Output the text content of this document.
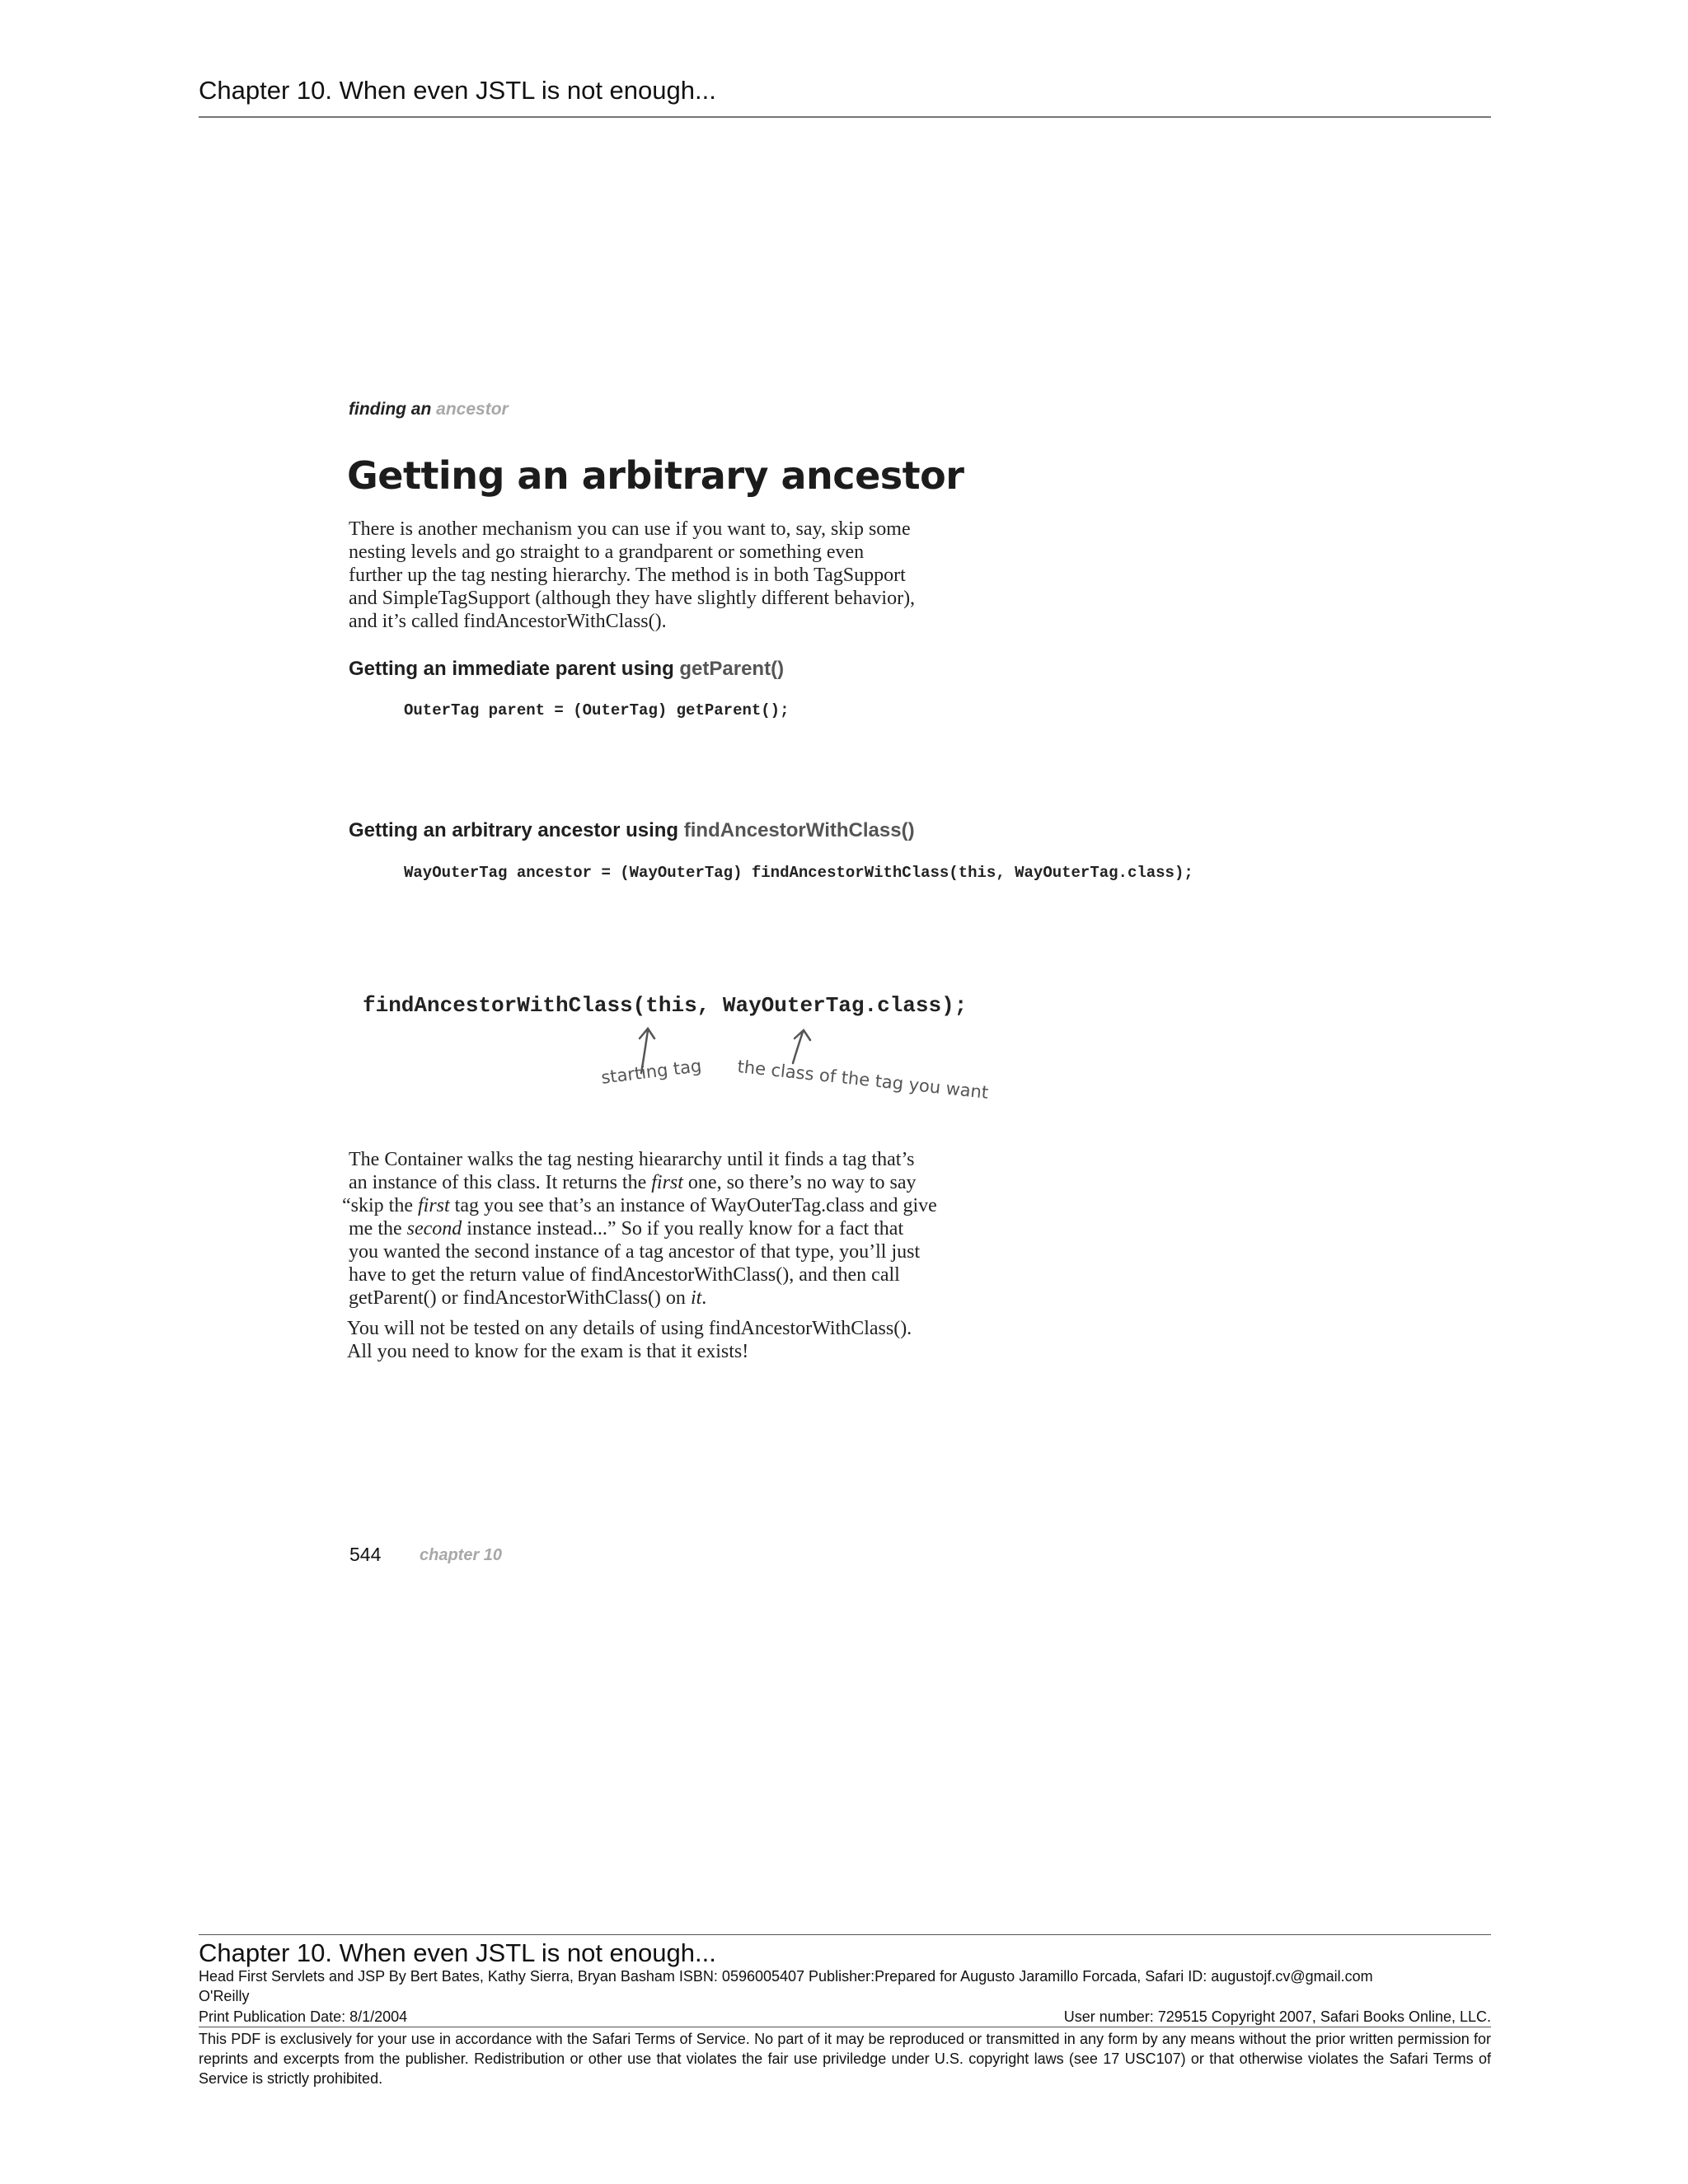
Chapter 10. When even JSTL is not enough...
finding an ancestor
Getting an arbitrary ancestor
There is another mechanism you can use if you want to, say, skip some
nesting levels and go straight to a grandparent or something even
further up the tag nesting hierarchy. The method is in both TagSupport
and SimpleTagSupport (although they have slightly different behavior),
and it’s called findAncestorWithClass().
Getting an immediate parent using getParent()
OuterTag parent = (OuterTag) getParent();
Getting an arbitrary ancestor using findAncestorWithClass()
WayOuterTag ancestor = (WayOuterTag) findAncestorWithClass(this, WayOuterTag.class);
findAncestorWithClass(this, WayOuterTag.class);
starting tag the class of the tag you want
The Container walks the tag nesting hieararchy until it finds a tag that’s
an instance of this class. It returns the first one, so there’s no way to say
“skip the first tag you see that’s an instance of WayOuterTag.class and give
me the second instance instead...” So if you really know for a fact that
you wanted the second instance of a tag ancestor of that type, you’ll just
have to get the return value of findAncestorWithClass(), and then call
getParent() or findAncestorWithClass() on it.
You will not be tested on any details of using findAncestorWithClass().
All you need to know for the exam is that it exists!
544 chapter 10
Chapter 10. When even JSTL is not enough...
Head First Servlets and JSP By Bert Bates, Kathy Sierra, Bryan Basham ISBN: 0596005407 Publisher:Prepared for Augusto Jaramillo Forcada, Safari ID: augustojf.cv@gmail.com
O'Reilly
Print Publication Date: 8/1/2004	User number: 729515 Copyright 2007, Safari Books Online, LLC.
This PDF is exclusively for your use in accordance with the Safari Terms of Service. No part of it may be reproduced or transmitted in any form by any means without the prior written permission for reprints and excerpts from the publisher. Redistribution or other use that violates the fair use priviledge under U.S. copyright laws (see 17 USC107) or that otherwise violates the Safari Terms of Service is strictly prohibited.
